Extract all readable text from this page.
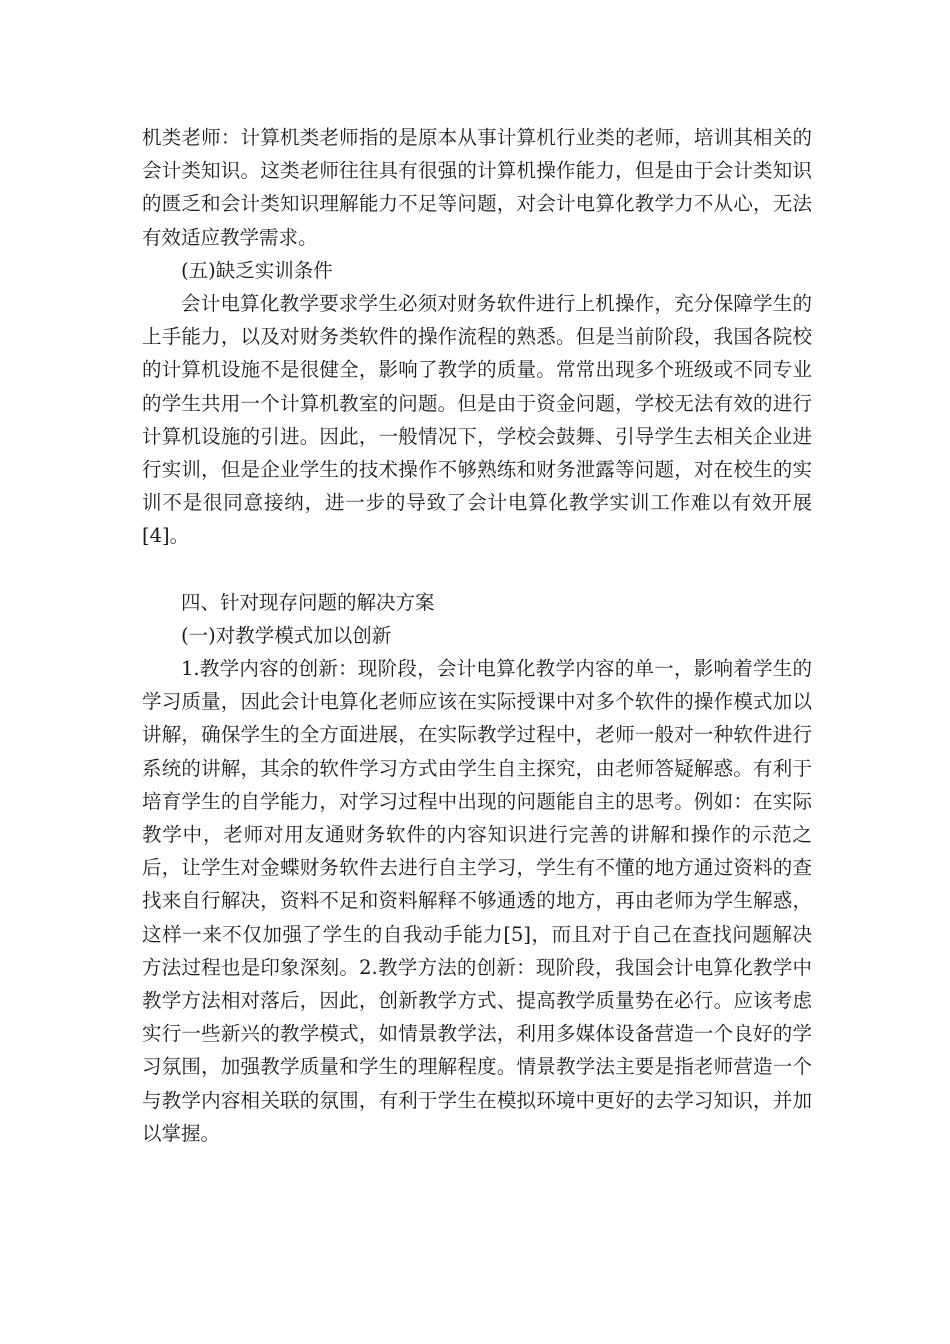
机类老师：计算机类老师指的是原本从事计算机行业类的老师，培训其相关的会计类知识。这类老师往往具有很强的计算机操作能力，但是由于会计类知识的匮乏和会计类知识理解能力不足等问题，对会计电算化教学力不从心，无法有效适应教学需求。

(五)缺乏实训条件

会计电算化教学要求学生必须对财务软件进行上机操作，充分保障学生的上手能力，以及对财务类软件的操作流程的熟悉。但是当前阶段，我国各院校的计算机设施不是很健全，影响了教学的质量。常常出现多个班级或不同专业的学生共用一个计算机教室的问题。但是由于资金问题，学校无法有效的进行计算机设施的引进。因此，一般情况下，学校会鼓舞、引导学生去相关企业进行实训，但是企业学生的技术操作不够熟练和财务泄露等问题，对在校生的实训不是很同意接纳，进一步的导致了会计电算化教学实训工作难以有效开展[4]。

四、针对现存问题的解决方案

(一)对教学模式加以创新

1.教学内容的创新：现阶段，会计电算化教学内容的单一，影响着学生的学习质量，因此会计电算化老师应该在实际授课中对多个软件的操作模式加以讲解，确保学生的全方面进展，在实际教学过程中，老师一般对一种软件进行系统的讲解，其余的软件学习方式由学生自主探究，由老师答疑解惑。有利于培育学生的自学能力，对学习过程中出现的问题能自主的思考。例如：在实际教学中，老师对用友通财务软件的内容知识进行完善的讲解和操作的示范之后，让学生对金蝶财务软件去进行自主学习，学生有不懂的地方通过资料的查找来自行解决，资料不足和资料解释不够通透的地方，再由老师为学生解惑，这样一来不仅加强了学生的自我动手能力[5]，而且对于自己在查找问题解决方法过程也是印象深刻。2.教学方法的创新：现阶段，我国会计电算化教学中教学方法相对落后，因此，创新教学方式、提高教学质量势在必行。应该考虑实行一些新兴的教学模式，如情景教学法，利用多媒体设备营造一个良好的学习氛围，加强教学质量和学生的理解程度。情景教学法主要是指老师营造一个与教学内容相关联的氛围，有利于学生在模拟环境中更好的去学习知识，并加以掌握。
